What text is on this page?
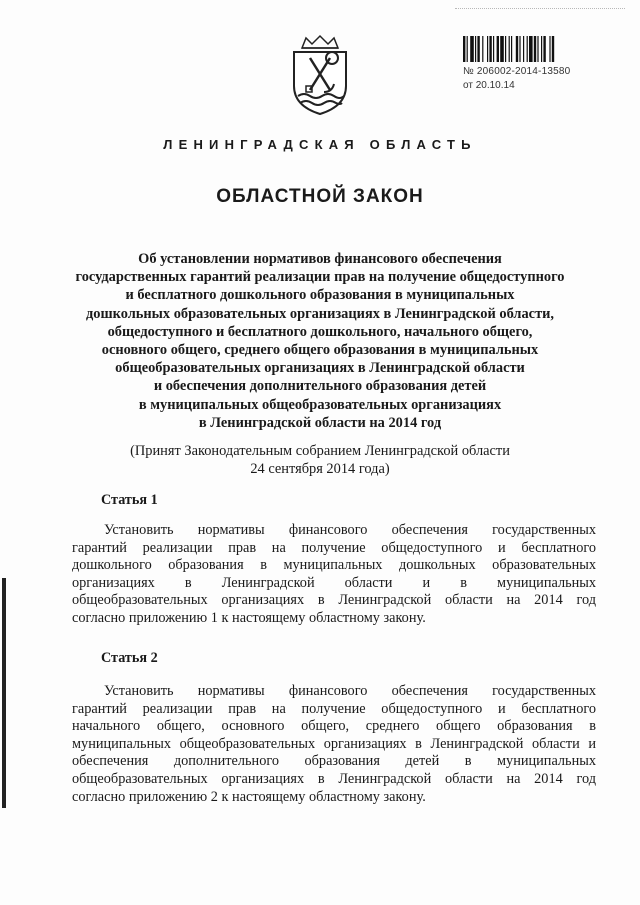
№ 206002-2014-13580
от 20.10.14
ЛЕНИНГРАДСКАЯ ОБЛАСТЬ
ОБЛАСТНОЙ ЗАКОН
Об установлении нормативов финансового обеспечения
государственных гарантий реализации прав на получение общедоступного
и бесплатного дошкольного образования в муниципальных
дошкольных образовательных организациях в Ленинградской области,
общедоступного и бесплатного дошкольного, начального общего,
основного общего, среднего общего образования в муниципальных
общеобразовательных организациях в Ленинградской области
и обеспечения дополнительного образования детей
в муниципальных общеобразовательных организациях
в Ленинградской области на 2014 год
(Принят Законодательным собранием Ленинградской области
24 сентября 2014 года)
Статья 1
Установить нормативы финансового обеспечения государственных
гарантий реализации прав на получение общедоступного и бесплатного
дошкольного образования в муниципальных дошкольных образовательных
организациях в Ленинградской области и в муниципальных
общеобразовательных организациях в Ленинградской области на 2014 год
согласно приложению 1 к настоящему областному закону.
Статья 2
Установить нормативы финансового обеспечения государственных
гарантий реализации прав на получение общедоступного и бесплатного
начального общего, основного общего, среднего общего образования в
муниципальных общеобразовательных организациях в Ленинградской области и
обеспечения дополнительного образования детей в муниципальных
общеобразовательных организациях в Ленинградской области на 2014 год
согласно приложению 2 к настоящему областному закону.
